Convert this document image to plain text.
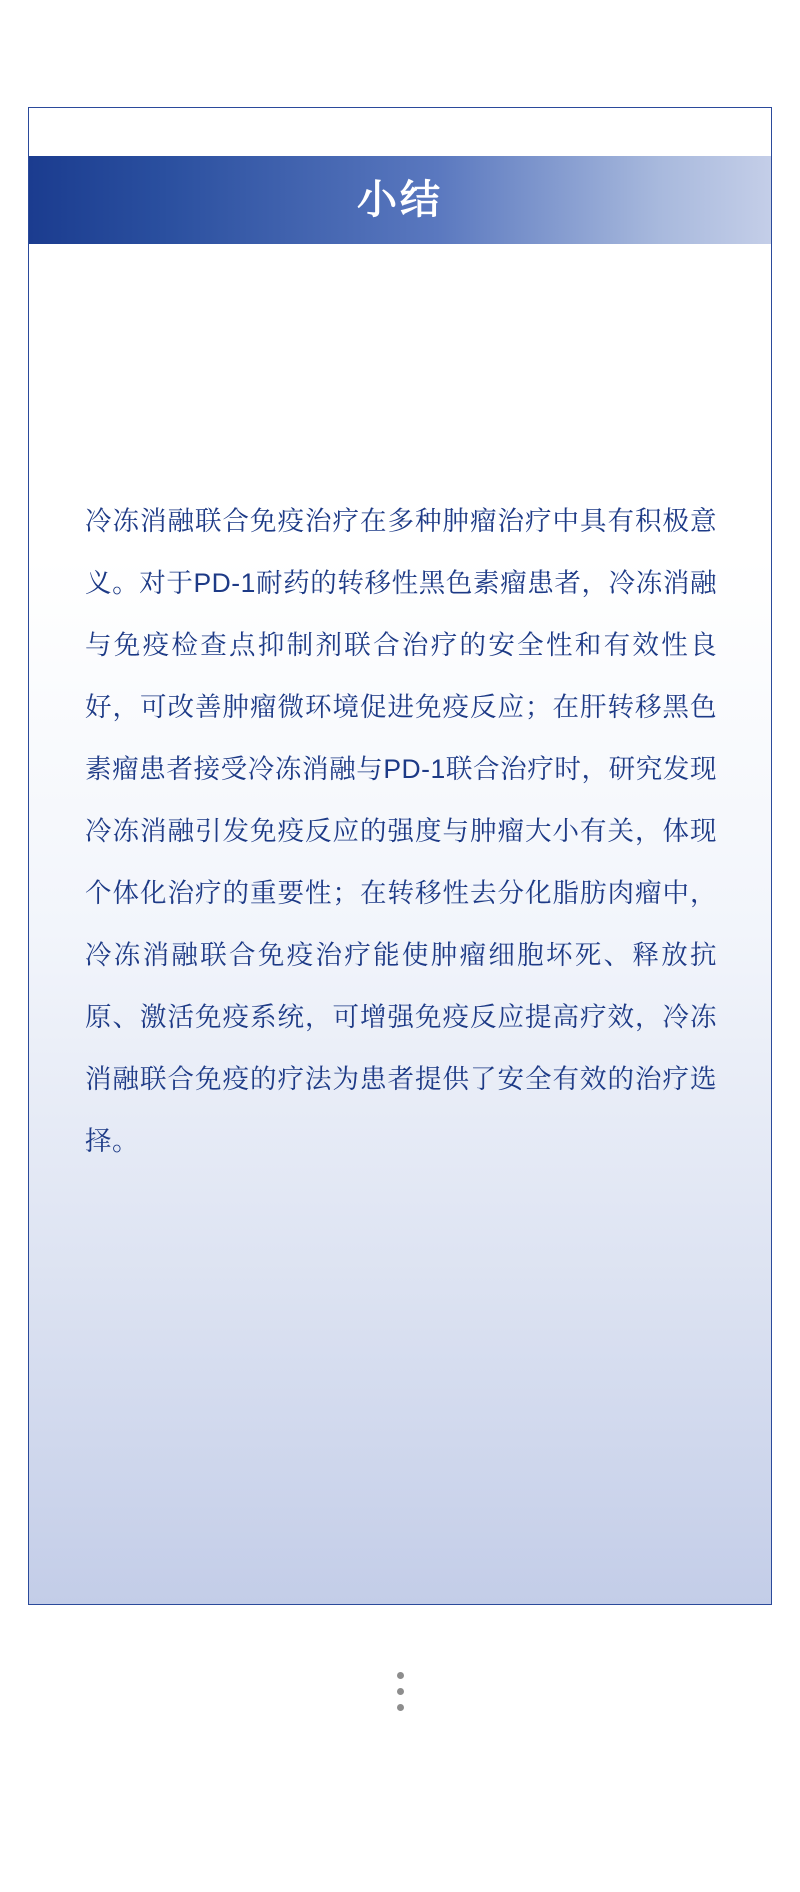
小结

冷冻消融联合免疫治疗在多种肿瘤治疗中具有积极意义。对于PD-1耐药的转移性黑色素瘤患者，冷冻消融与免疫检查点抑制剂联合治疗的安全性和有效性良好，可改善肿瘤微环境促进免疫反应；在肝转移黑色素瘤患者接受冷冻消融与PD-1联合治疗时，研究发现冷冻消融引发免疫反应的强度与肿瘤大小有关，体现个体化治疗的重要性；在转移性去分化脂肪肉瘤中，冷冻消融联合免疫治疗能使肿瘤细胞坏死、释放抗原、激活免疫系统，可增强免疫反应提高疗效，冷冻消融联合免疫的疗法为患者提供了安全有效的治疗选择。
